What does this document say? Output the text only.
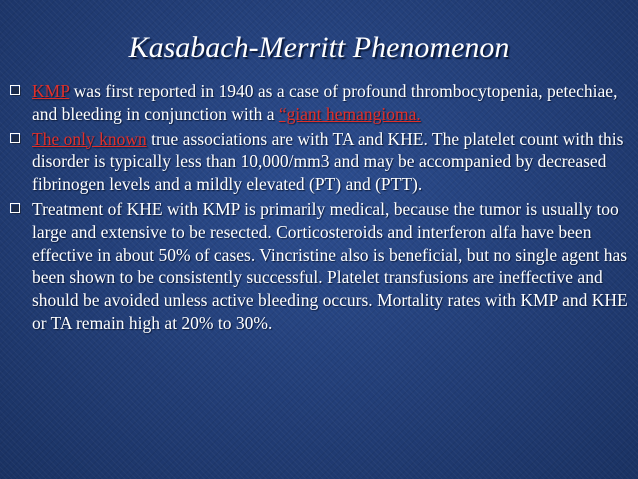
Kasabach-Merritt Phenomenon
KMP was first reported in 1940 as a case of profound thrombocytopenia, petechiae, and bleeding in conjunction with a “giant hemangioma.
The only known true associations are with TA and KHE. The platelet count with this disorder is typically less than 10,000/mm3 and may be accompanied by decreased fibrinogen levels and a mildly elevated (PT) and (PTT).
Treatment of KHE with KMP is primarily medical, because the tumor is usually too large and extensive to be resected. Corticosteroids and interferon alfa have been effective in about 50% of cases. Vincristine also is beneficial, but no single agent has been shown to be consistently successful. Platelet transfusions are ineffective and should be avoided unless active bleeding occurs. Mortality rates with KMP and KHE or TA remain high at 20% to 30%.
